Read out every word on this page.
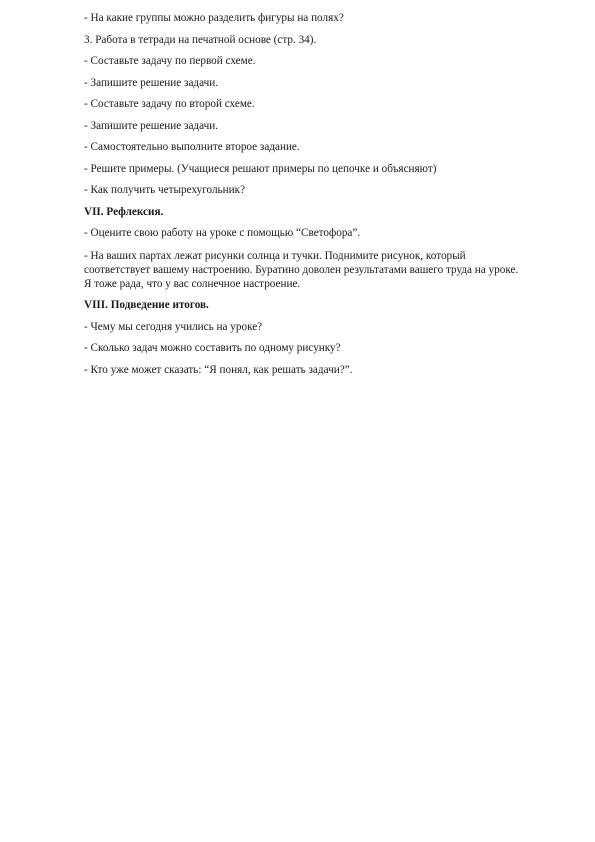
- На какие группы можно разделить фигуры на полях?

3. Работа в тетради на печатной основе (стр. 34).

- Составьте задачу по первой схеме.

- Запишите решение задачи.

- Составьте задачу по второй схеме.

- Запишите решение задачи.

- Самостоятельно выполните второе задание.

- Решите примеры. (Учащиеся решают примеры по цепочке и объясняют)

- Как получить четырехугольник?

VII. Рефлексия.

- Оцените свою работу на уроке с помощью “Светофора”.

- На ваших партах лежат рисунки солнца и тучки. Поднимите рисунок, который
соответствует вашему настроению. Буратино доволен результатами вашего труда на уроке.
Я тоже рада, что у вас солнечное настроение.

VIII. Подведение итогов.

- Чему мы сегодня учились на уроке?

- Сколько задач можно составить по одному рисунку?

- Кто уже может сказать: “Я понял, как решать задачи?”.
